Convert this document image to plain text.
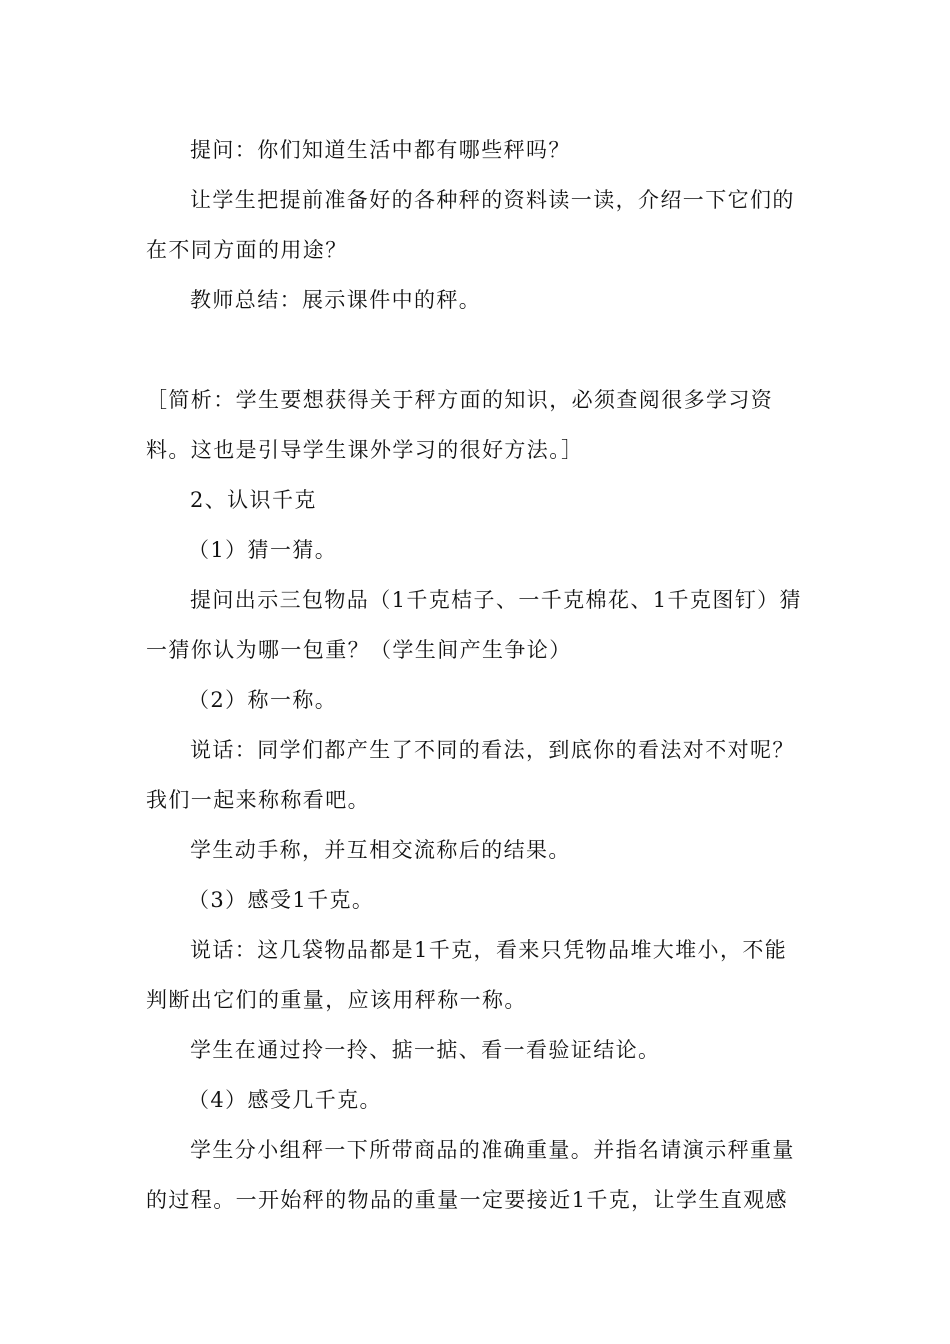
提问：你们知道生活中都有哪些秤吗？

让学生把提前准备好的各种秤的资料读一读，介绍一下它们的

在不同方面的用途？

教师总结：展示课件中的秤。

［简析：学生要想获得关于秤方面的知识，必须查阅很多学习资

料。这也是引导学生课外学习的很好方法。］

2、认识千克

（1）猜一猜。

提问出示三包物品（1千克桔子、一千克棉花、1千克图钉）猜

一猜你认为哪一包重？（学生间产生争论）

（2）称一称。

说话：同学们都产生了不同的看法，到底你的看法对不对呢？

我们一起来称称看吧。

学生动手称，并互相交流称后的结果。

（3）感受1千克。

说话：这几袋物品都是1千克，看来只凭物品堆大堆小，不能

判断出它们的重量，应该用秤称一称。

学生在通过拎一拎、掂一掂、看一看验证结论。

（4）感受几千克。

学生分小组秤一下所带商品的准确重量。并指名请演示秤重量

的过程。一开始秤的物品的重量一定要接近1千克，让学生直观感
